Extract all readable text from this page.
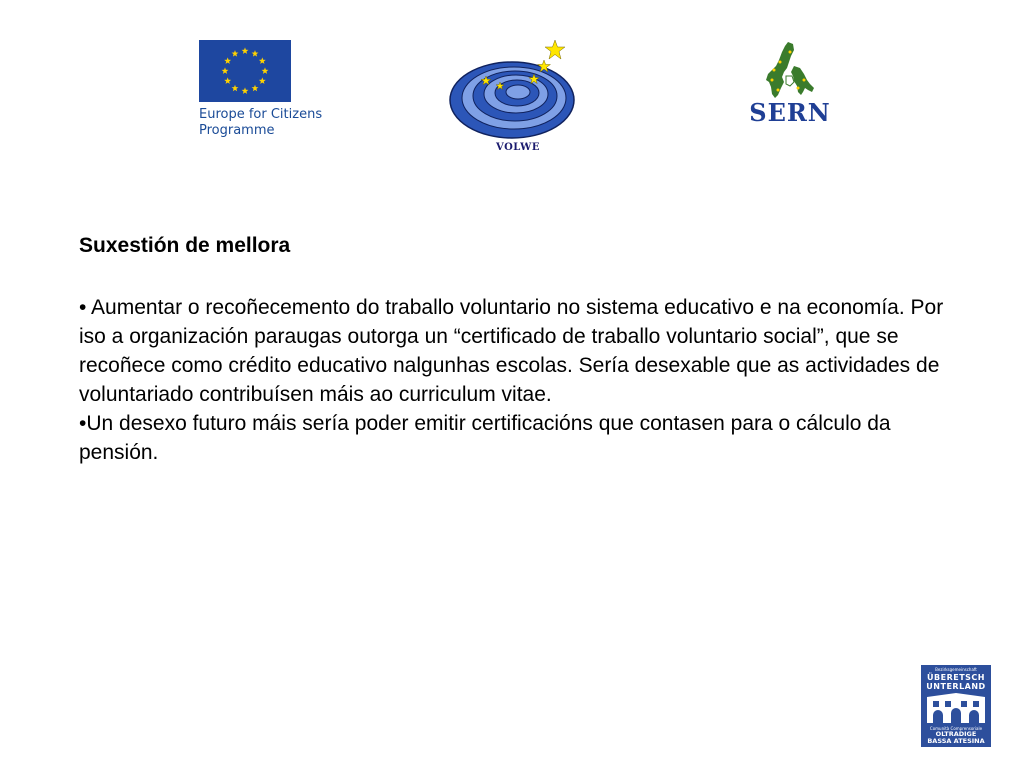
Europe for Citizens
Programme
VOLWE
SERN
Suxestión de mellora
• Aumentar o recoñecemento do traballo voluntario no sistema educativo e na economía. Por iso a organización paraugas outorga un “certificado de traballo voluntario social”, que se recoñece como crédito educativo nalgunhas escolas. Sería desexable que as actividades de voluntariado contribuísen máis ao curriculum vitae.
•Un desexo futuro máis sería poder emitir certificacións que contasen para o cálculo da pensión.
Bezirksgemeinschaft
ÜBERETSCH
UNTERLAND
Comunità Comprensoriale
OLTRADIGE
BASSA ATESINA
